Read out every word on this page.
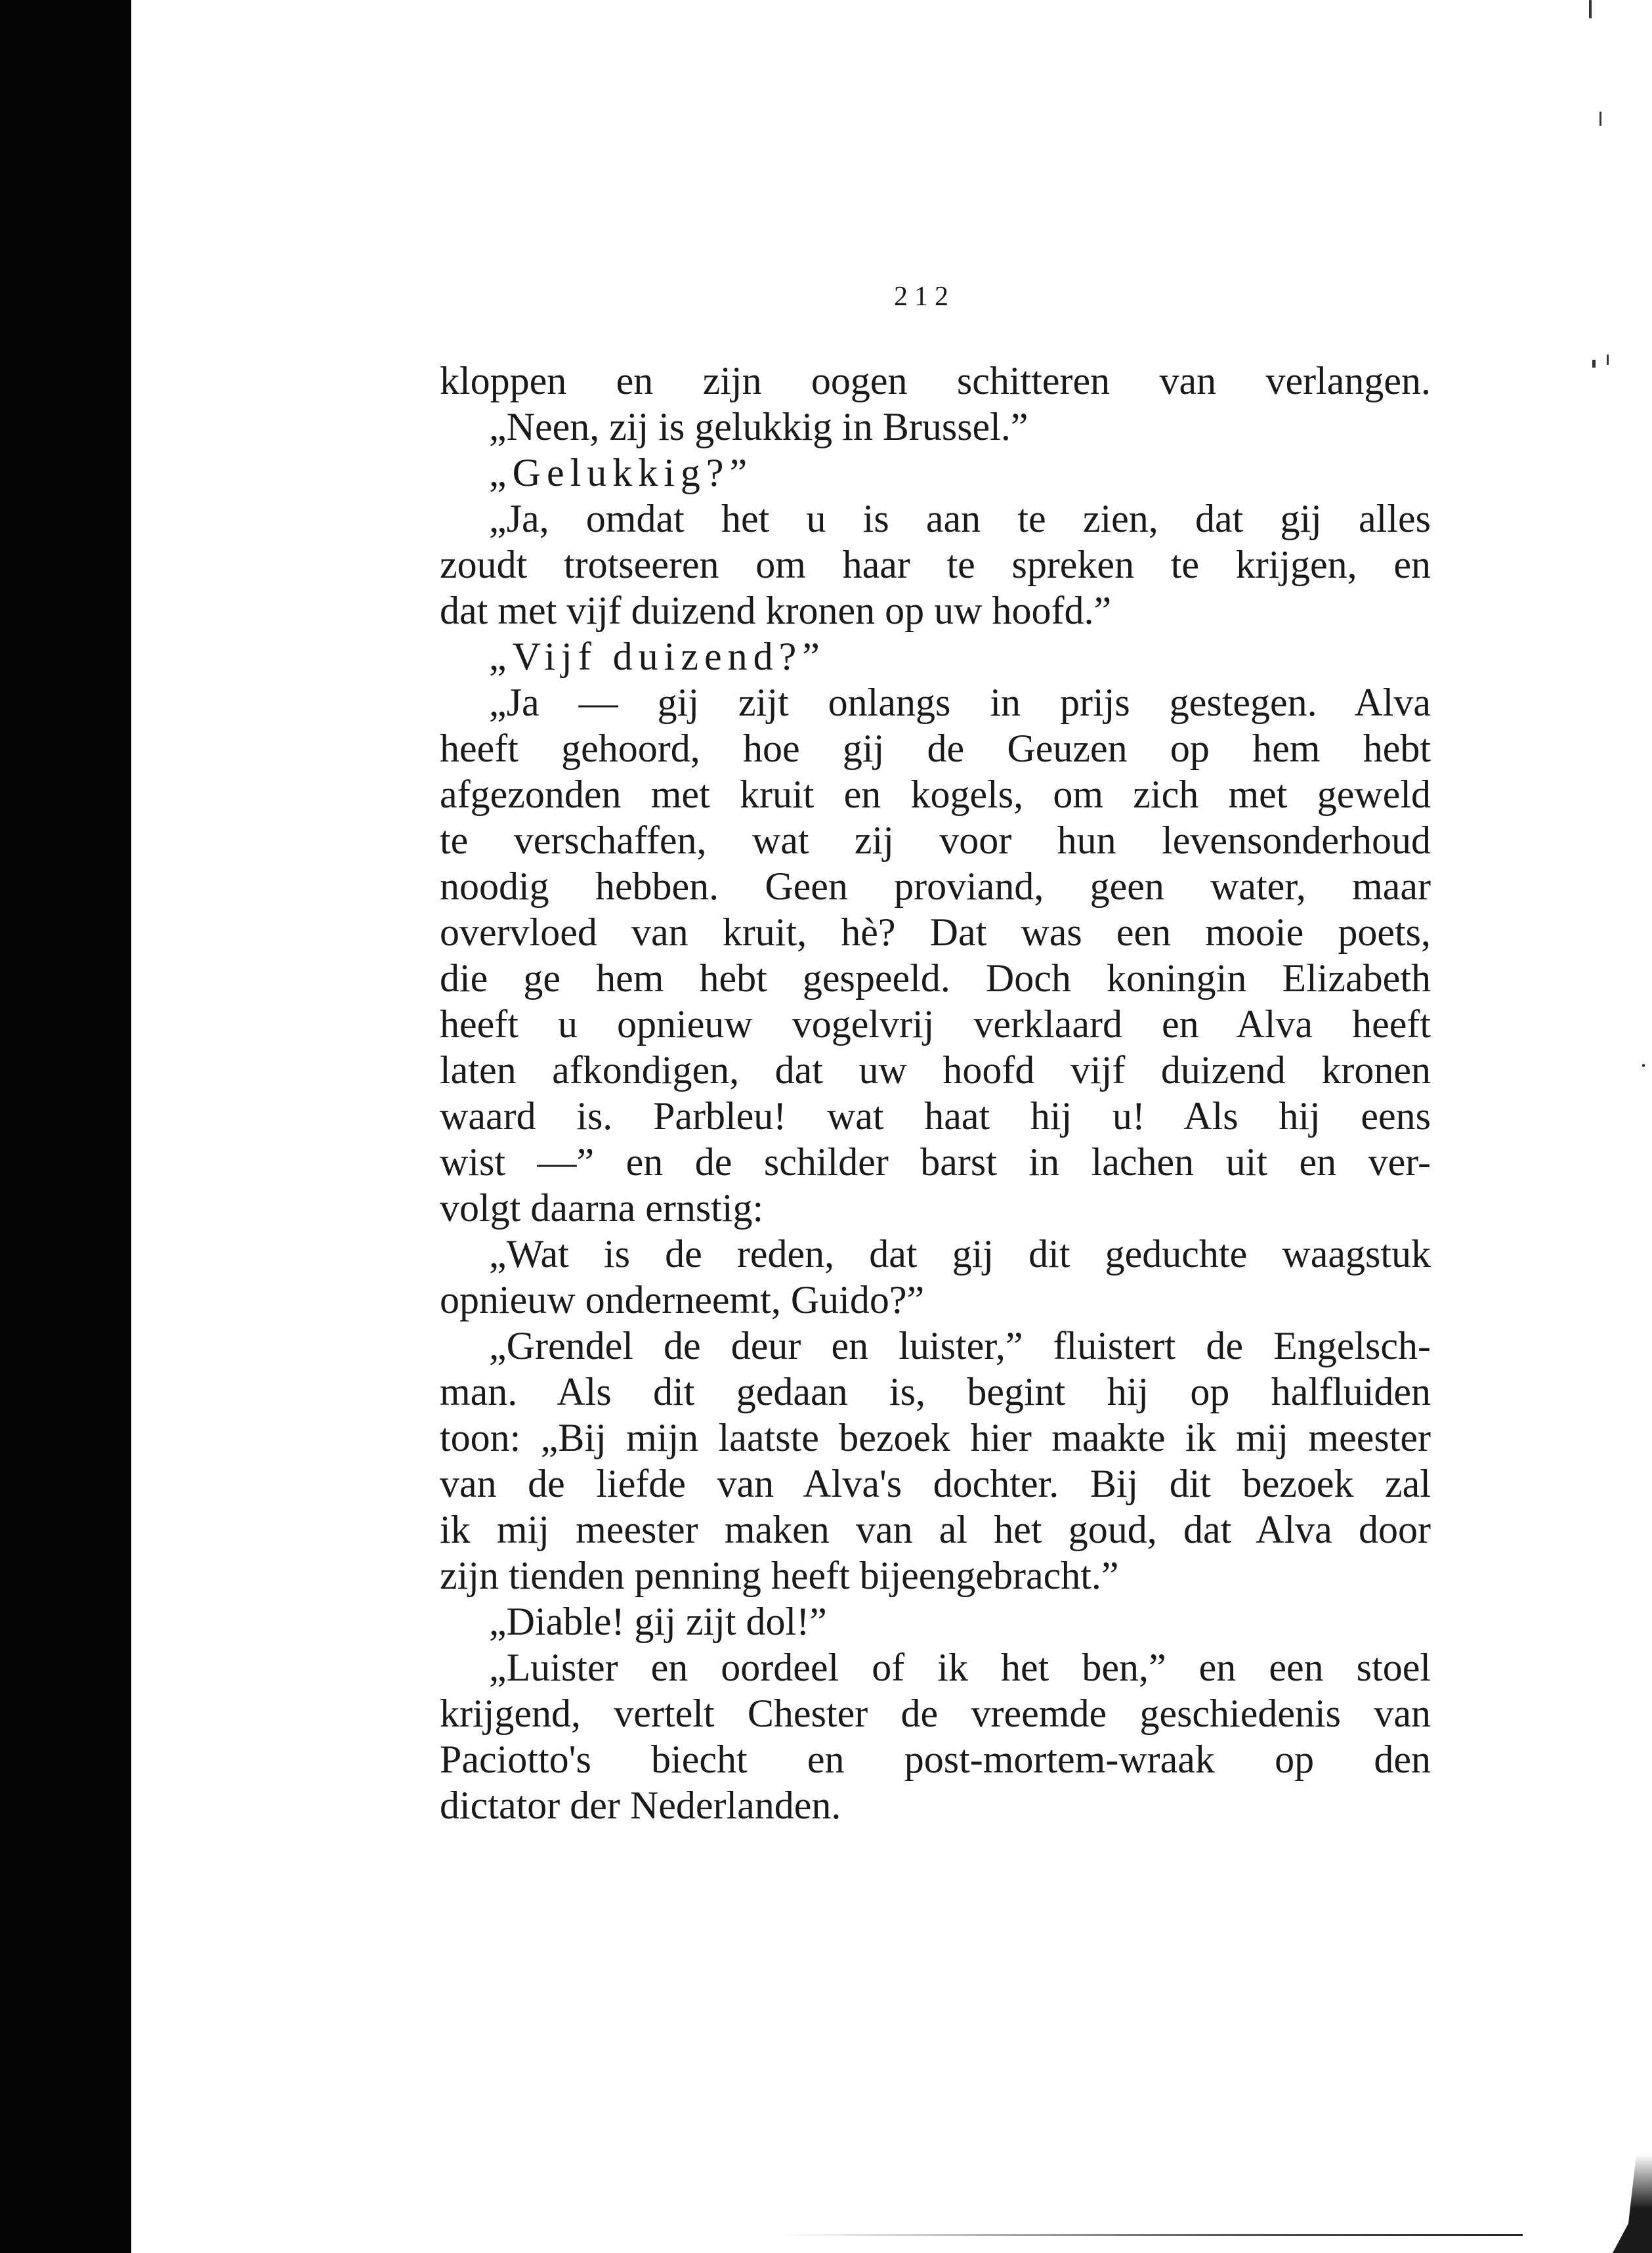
212

kloppen en zijn oogen schitteren van verlangen.
„Neen, zij is gelukkig in Brussel.”
„Gelukkig?”
„Ja, omdat het u is aan te zien, dat gij alles
zoudt trotseeren om haar te spreken te krijgen, en
dat met vijf duizend kronen op uw hoofd.”
„Vijf duizend?”
„Ja — gij zijt onlangs in prijs gestegen. Alva
heeft gehoord, hoe gij de Geuzen op hem hebt
afgezonden met kruit en kogels, om zich met geweld
te verschaffen, wat zij voor hun levensonderhoud
noodig hebben. Geen proviand, geen water, maar
overvloed van kruit, hè? Dat was een mooie poets,
die ge hem hebt gespeeld. Doch koningin Elizabeth
heeft u opnieuw vogelvrij verklaard en Alva heeft
laten afkondigen, dat uw hoofd vijf duizend kronen
waard is. Parbleu! wat haat hij u! Als hij eens
wist —” en de schilder barst in lachen uit en ver-
volgt daarna ernstig:
„Wat is de reden, dat gij dit geduchte waagstuk
opnieuw onderneemt, Guido?”
„Grendel de deur en luister,” fluistert de Engelsch-
man. Als dit gedaan is, begint hij op halfluiden
toon: „Bij mijn laatste bezoek hier maakte ik mij meester
van de liefde van Alva's dochter. Bij dit bezoek zal
ik mij meester maken van al het goud, dat Alva door
zijn tienden penning heeft bijeengebracht.”
„Diable! gij zijt dol!”
„Luister en oordeel of ik het ben,” en een stoel
krijgend, vertelt Chester de vreemde geschiedenis van
Paciotto's biecht en post-mortem-wraak op den
dictator der Nederlanden.
